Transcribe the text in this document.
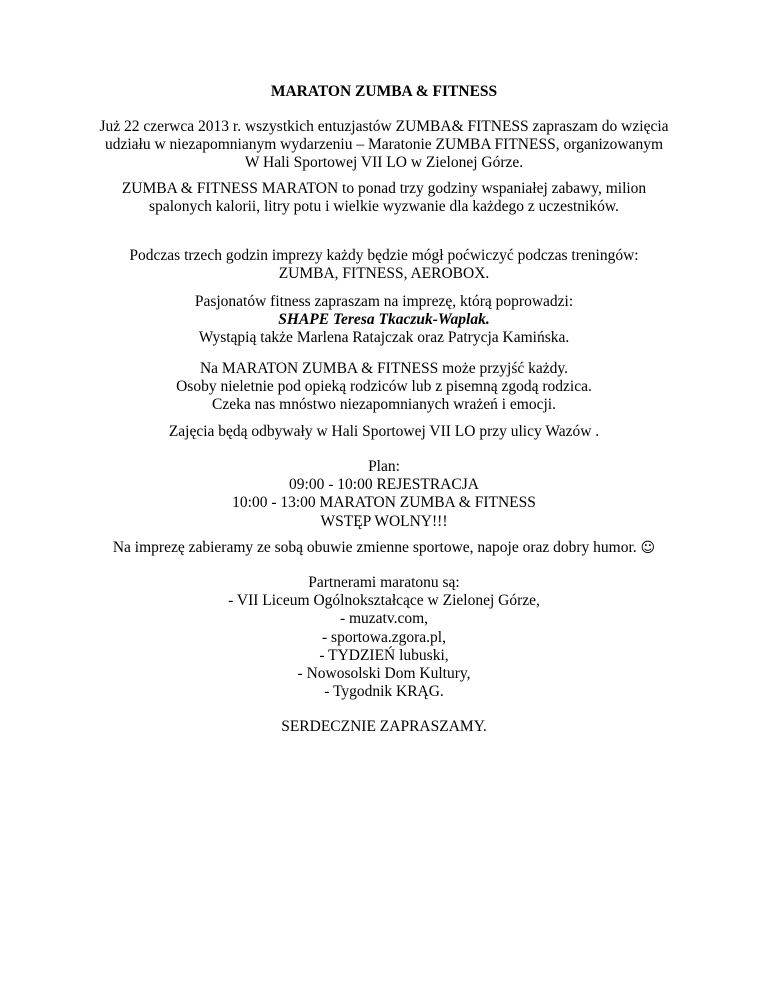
MARATON ZUMBA & FITNESS
Już 22 czerwca 2013 r. wszystkich entuzjastów ZUMBA& FITNESS zapraszam do wzięcia
udziału w niezapomnianym wydarzeniu – Maratonie ZUMBA FITNESS, organizowanym
W Hali Sportowej VII LO w Zielonej Górze.
ZUMBA & FITNESS MARATON to ponad trzy godziny wspaniałej zabawy, milion
spalonych kalorii, litry potu i wielkie wyzwanie dla każdego z uczestników.
Podczas trzech godzin imprezy każdy będzie mógł poćwiczyć podczas treningów:
ZUMBA, FITNESS, AEROBOX.
Pasjonatów fitness zapraszam na imprezę, którą poprowadzi:
SHAPE Teresa Tkaczuk-Waplak.
Wystąpią także Marlena Ratajczak oraz Patrycja Kamińska.
Na MARATON ZUMBA & FITNESS może przyjść każdy.
Osoby nieletnie pod opieką rodziców lub z pisemną zgodą rodzica.
Czeka nas mnóstwo niezapomnianych wrażeń i emocji.
Zajęcia będą odbywały w Hali Sportowej VII LO przy ulicy Wazów .
Plan:
09:00 - 10:00 REJESTRACJA
10:00 - 13:00 MARATON ZUMBA & FITNESS
WSTĘP WOLNY!!!
Na imprezę zabieramy ze sobą obuwie zmienne sportowe, napoje oraz dobry humor. ☺
Partnerami maratonu są:
- VII Liceum Ogólnokształcące w Zielonej Górze,
- muzatv.com,
- sportowa.zgora.pl,
- TYDZIEŃ lubuski,
- Nowosolski Dom Kultury,
- Tygodnik KRĄG.
SERDECZNIE ZAPRASZAMY.
